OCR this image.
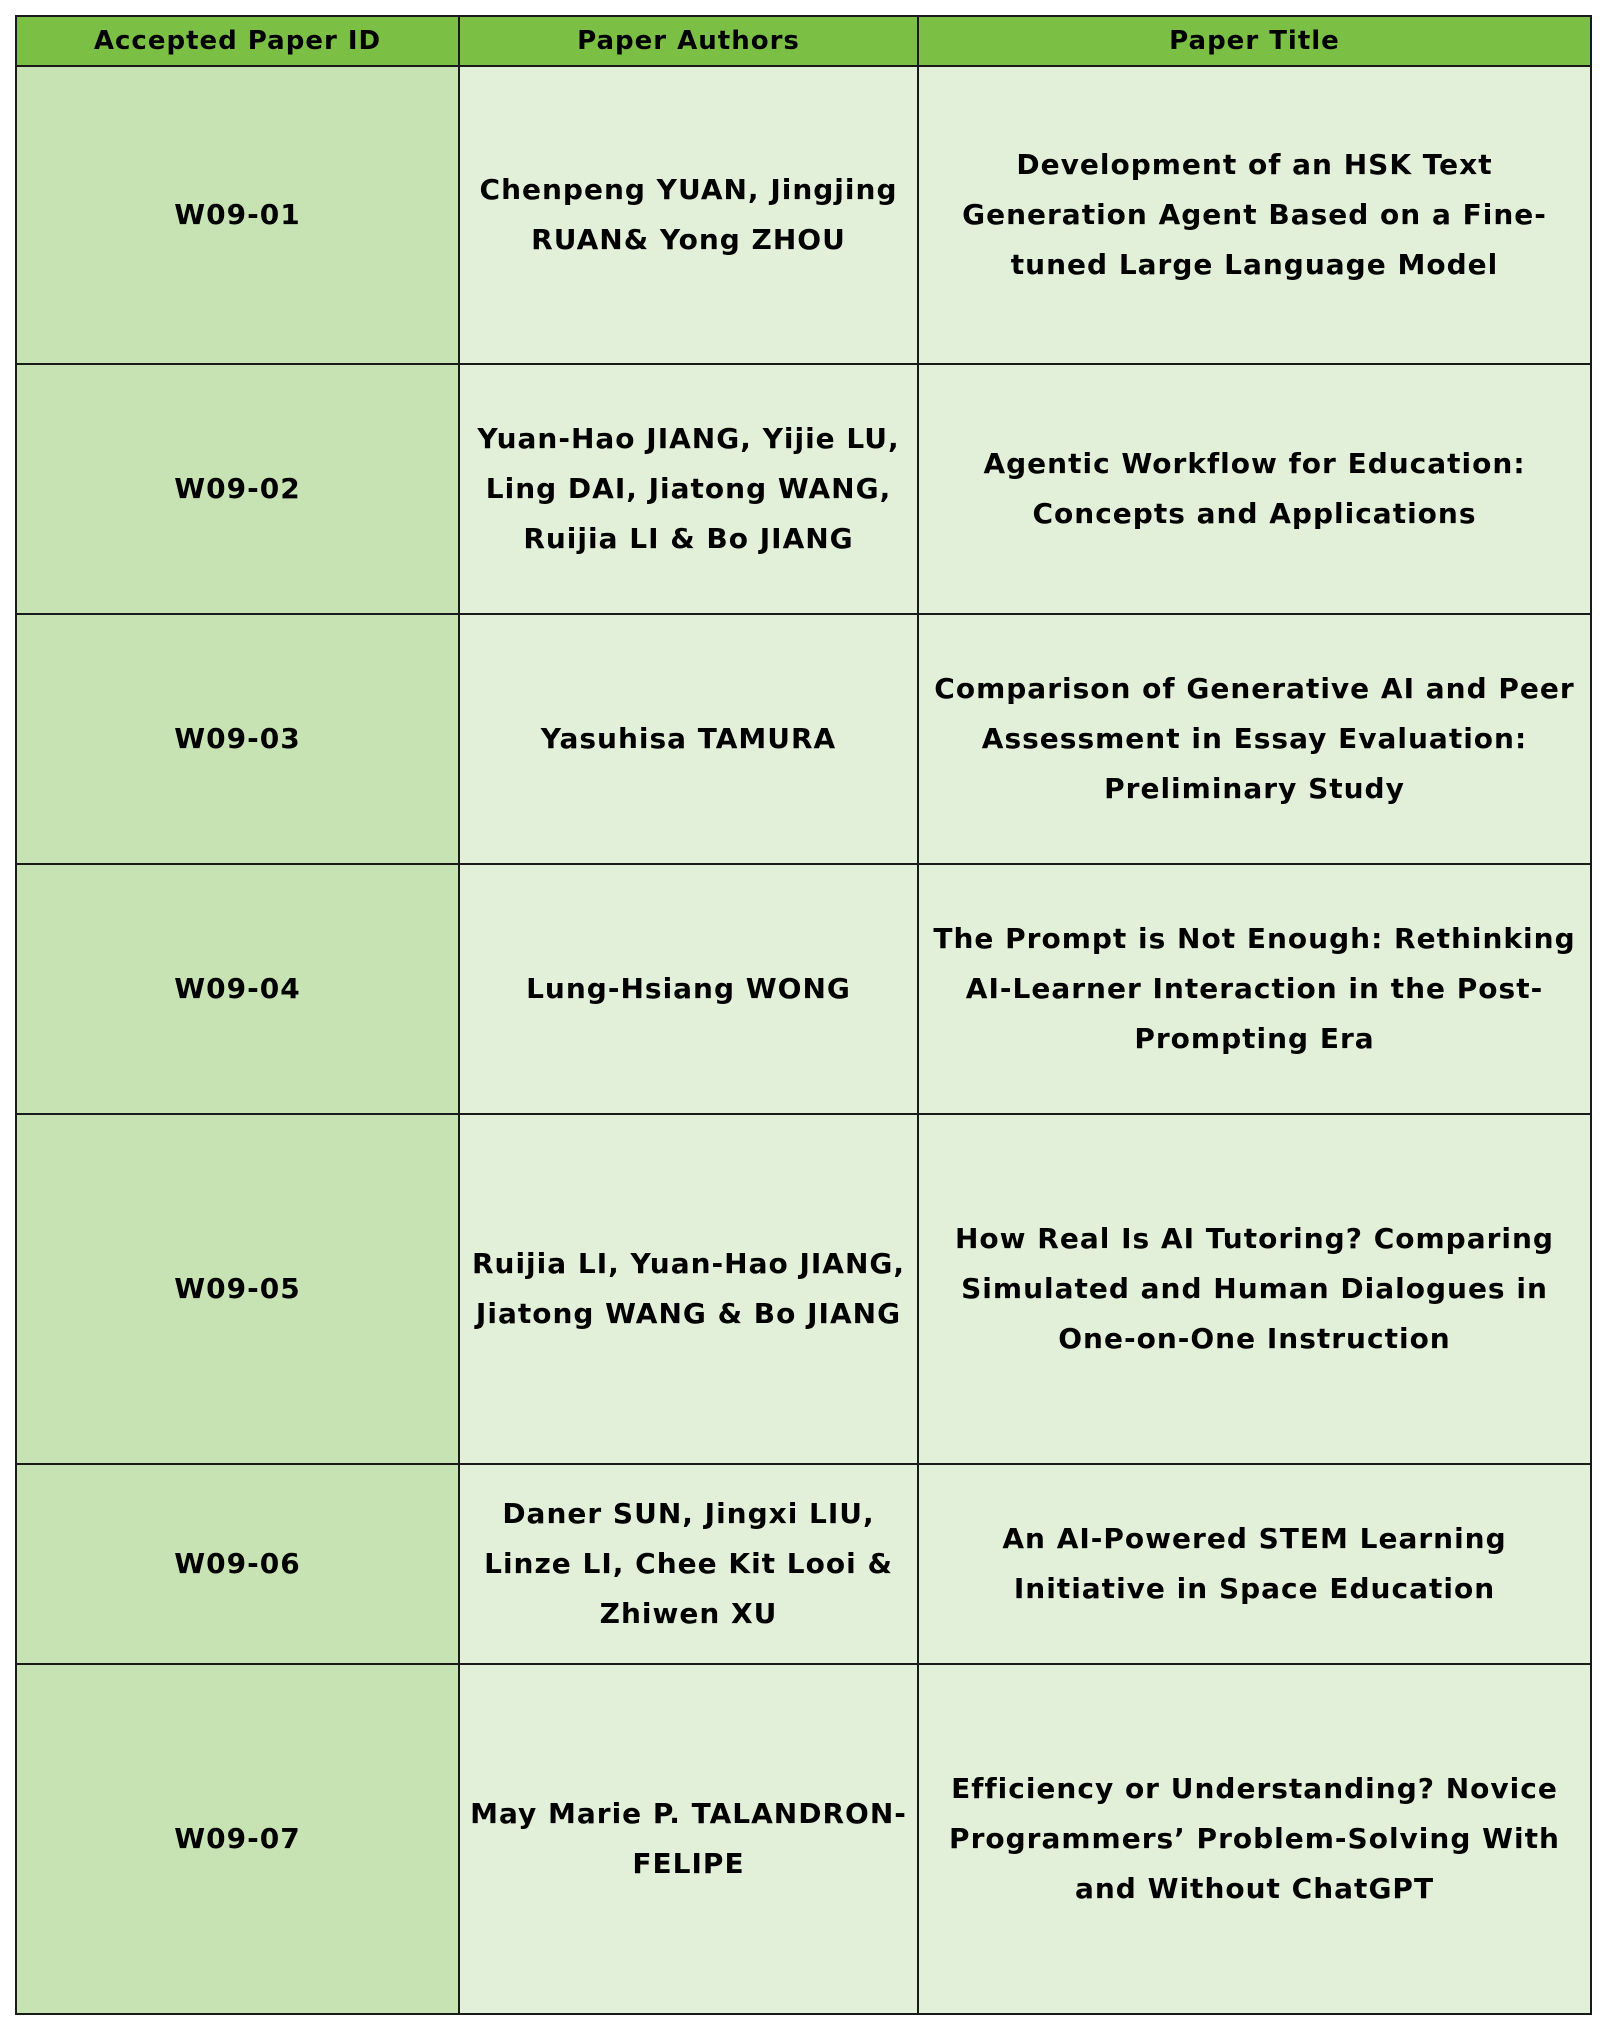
Accepted Paper ID	Paper Authors	Paper Title
W09-01	Chenpeng YUAN, Jingjing RUAN& Yong ZHOU	Development of an HSK Text Generation Agent Based on a Fine-tuned Large Language Model
W09-02	Yuan-Hao JIANG, Yijie LU, Ling DAI, Jiatong WANG, Ruijia LI & Bo JIANG	Agentic Workflow for Education: Concepts and Applications
W09-03	Yasuhisa TAMURA	Comparison of Generative AI and Peer Assessment in Essay Evaluation: Preliminary Study
W09-04	Lung-Hsiang WONG	The Prompt is Not Enough: Rethinking AI-Learner Interaction in the Post-Prompting Era
W09-05	Ruijia LI, Yuan-Hao JIANG, Jiatong WANG & Bo JIANG	How Real Is AI Tutoring? Comparing Simulated and Human Dialogues in One-on-One Instruction
W09-06	Daner SUN, Jingxi LIU, Linze LI, Chee Kit Looi & Zhiwen XU	An AI-Powered STEM Learning Initiative in Space Education
W09-07	May Marie P. TALANDRON-FELIPE	Efficiency or Understanding? Novice Programmers’ Problem-Solving With and Without ChatGPT
